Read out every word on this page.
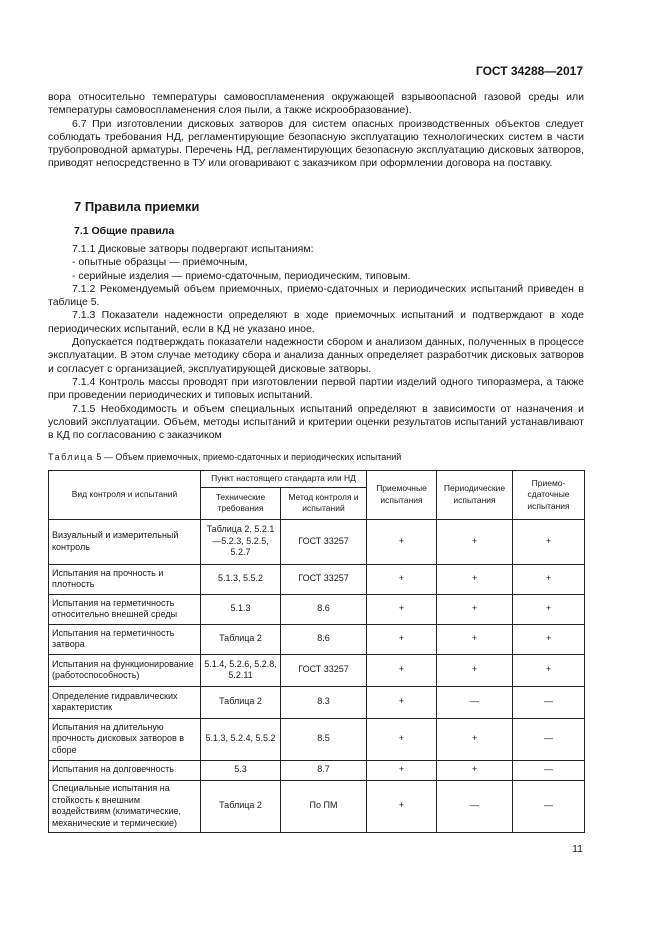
ГОСТ 34288—2017

вора относительно температуры самовоспламенения окружающей взрывоопасной газовой среды или температуры самовоспламенения слоя пыли, а также искрообразование).

6.7 При изготовлении дисковых затворов для систем опасных производственных объектов следует соблюдать требования НД, регламентирующие безопасную эксплуатацию технологических систем в части трубопроводной арматуры. Перечень НД, регламентирующих безопасную эксплуатацию дисковых затворов, приводят непосредственно в ТУ или оговаривают с заказчиком при оформлении договора на поставку.

7 Правила приемки
7.1 Общие правила

7.1.1 Дисковые затворы подвергают испытаниям:

- опытные образцы — приемочным,

- серийные изделия — приемо-сдаточным, периодическим, типовым.

7.1.2 Рекомендуемый объем приемочных, приемо-сдаточных и периодических испытаний приведен в таблице 5.

7.1.3 Показатели надежности определяют в ходе приемочных испытаний и подтверждают в ходе периодических испытаний, если в КД не указано иное.

Допускается подтверждать показатели надежности сбором и анализом данных, полученных в процессе эксплуатации. В этом случае методику сбора и анализа данных определяет разработчик дисковых затворов и согласует с организацией, эксплуатирующей дисковые затворы.

7.1.4 Контроль массы проводят при изготовлении первой партии изделий одного типоразмера, а также при проведении периодических и типовых испытаний.

7.1.5 Необходимость и объем специальных испытаний определяют в зависимости от назначения и условий эксплуатации. Объем, методы испытаний и критерии оценки результатов испытаний устанавливают в КД по согласованию с заказчиком

Таблица 5 — Объем приемочных, приемо-сдаточных и периодических испытаний
Вид контроля и испытаний	Пункт настоящего стандарта или НД		Приемочные испытания	Периодические испытания	Приемо-сдаточные испытания
	Технические требования	Метод контроля и испытаний			
Визуальный и измерительный контроль	Таблица 2, 5.2.1—5.2.3, 5.2.5, 5.2.7	ГОСТ 33257	+	+	+
Испытания на прочность и плотность	5.1.3, 5.5.2	ГОСТ 33257	+	+	+
Испытания на герметичность относительно внешней среды	5.1.3	8.6	+	+	+
Испытания на герметичность затвора	Таблица 2	8.6	+	+	+
Испытания на функционирование (работоспособность)	5.1.4, 5.2.6, 5.2.8, 5.2.11	ГОСТ 33257	+	+	+
Определение гидравлических характеристик	Таблица 2	8.3	+	—	—
Испытания на длительную прочность дисковых затворов в сборе	5.1.3, 5.2.4, 5.5.2	8.5	+	+	—
Испытания на долговечность	5.3	8.7	+	+	—
Специальные испытания на стойкость к внешним воздействиям (климатические, механические и термические)	Таблица 2	По ПМ	+	—	—
11
